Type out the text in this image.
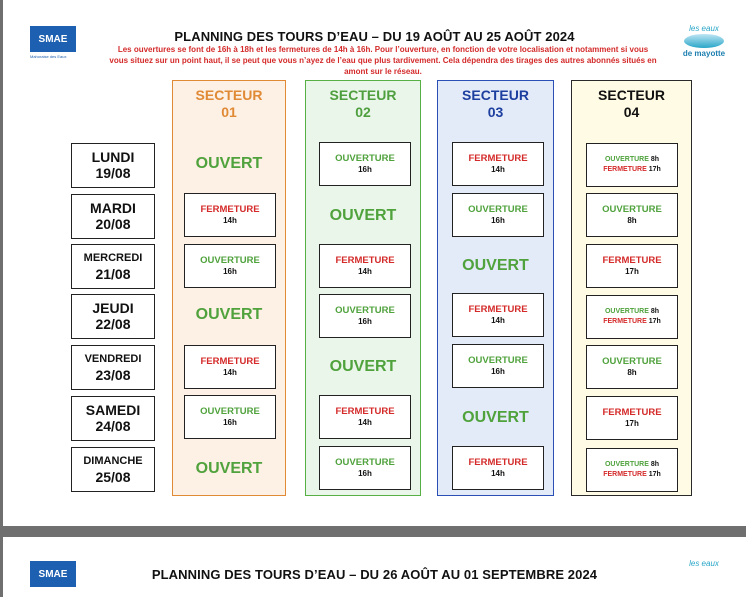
SMAE
Mahoraise des Eaux
les eaux
de mayotte
PLANNING DES TOURS D’EAU – DU 19 AOÛT AU 25 AOÛT 2024
Les ouvertures se font de 16h à 18h et les fermetures de 14h à 16h. Pour l’ouverture, en fonction de votre localisation et notamment si vous vous situez sur un point haut, il se peut que vous n’ayez de l’eau que plus tardivement. Cela dépendra des tirages des autres abonnés situés en amont sur le réseau.
SECTEUR
01
SECTEUR
02
SECTEUR
03
SECTEUR
04
LUNDI
19/08
MARDI
20/08
MERCREDI
21/08
JEUDI
22/08
VENDREDI
23/08
SAMEDI
24/08
DIMANCHE
25/08
OUVERT
FERMETURE
14h
OUVERTURE
16h
OUVERT
FERMETURE
14h
OUVERTURE
16h
OUVERT
OUVERTURE
16h
OUVERT
FERMETURE
14h
OUVERTURE
16h
OUVERT
FERMETURE
14h
OUVERTURE
16h
FERMETURE
14h
OUVERTURE
16h
OUVERT
FERMETURE
14h
OUVERTURE
16h
OUVERT
FERMETURE
14h
OUVERTURE 8h
FERMETURE 17h
OUVERTURE
8h
FERMETURE
17h
OUVERTURE 8h
FERMETURE 17h
OUVERTURE
8h
FERMETURE
17h
OUVERTURE 8h
FERMETURE 17h
SMAE
les eaux
PLANNING DES TOURS D’EAU – DU 26 AOÛT AU 01 SEPTEMBRE 2024
